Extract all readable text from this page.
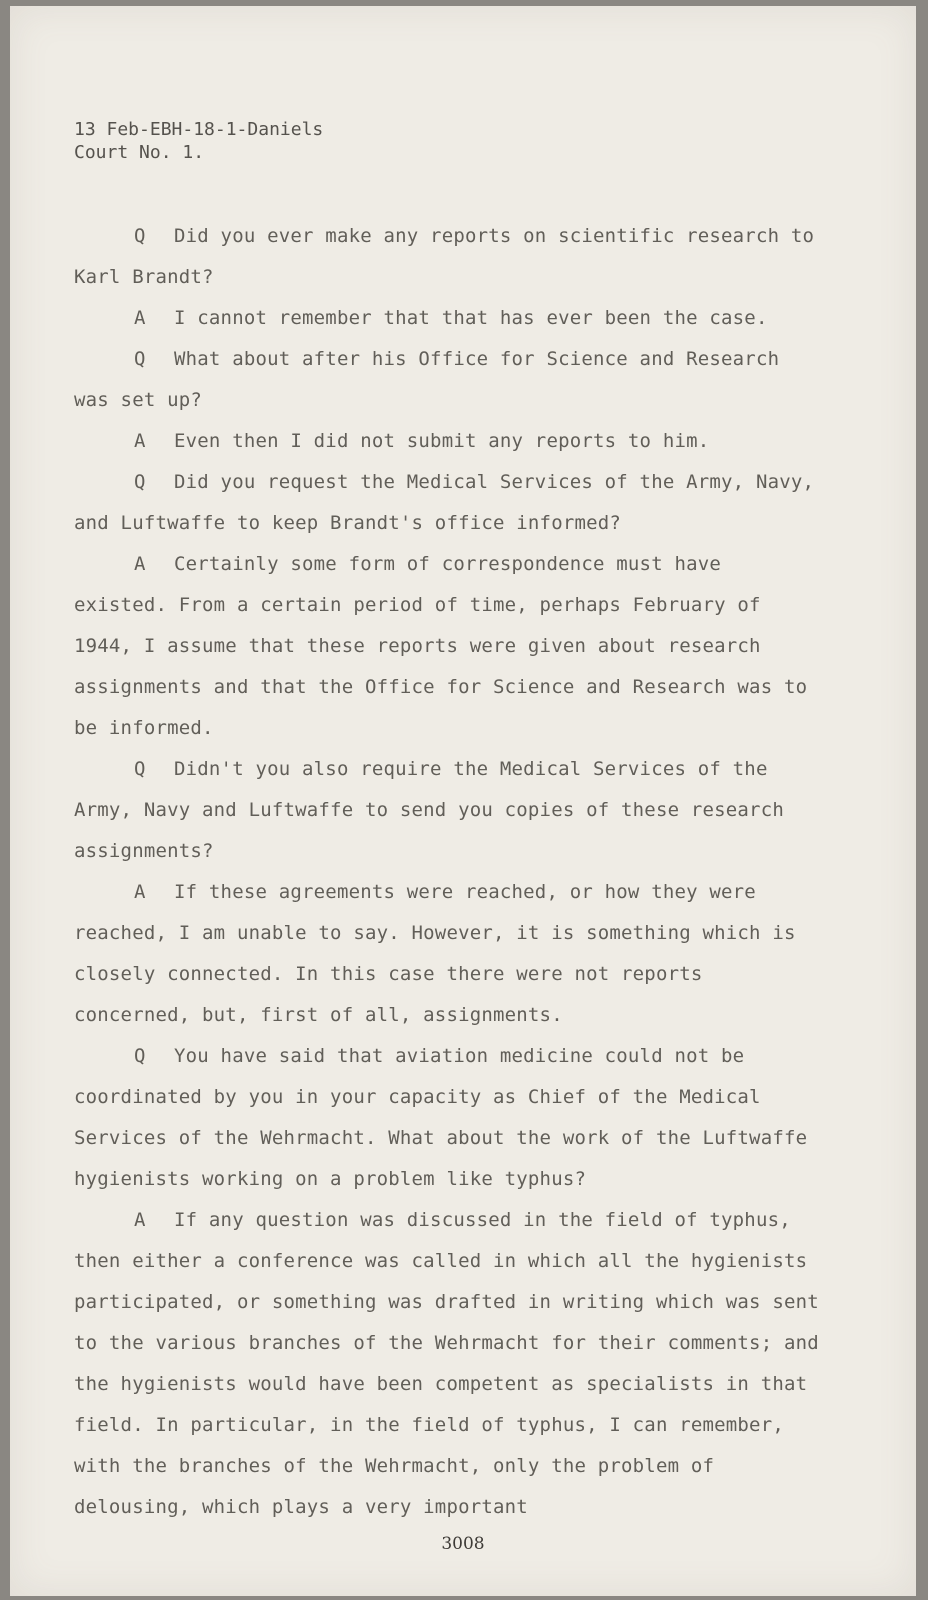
13 Feb-EBH-18-1-Daniels
Court No. 1.

Q Did you ever make any reports on scientific research to Karl Brandt?

A I cannot remember that that has ever been the case.

Q What about after his Office for Science and Research was set up?

A Even then I did not submit any reports to him.

Q Did you request the Medical Services of the Army, Navy, and Luftwaffe to keep Brandt's office informed?

A Certainly some form of correspondence must have existed. From a certain period of time, perhaps February of 1944, I assume that these reports were given about research assignments and that the Office for Science and Research was to be informed.

Q Didn't you also require the Medical Services of the Army, Navy and Luftwaffe to send you copies of these research assignments?

A If these agreements were reached, or how they were reached, I am unable to say. However, it is something which is closely connected. In this case there were not reports concerned, but, first of all, assignments.

Q You have said that aviation medicine could not be coordinated by you in your capacity as Chief of the Medical Services of the Wehrmacht. What about the work of the Luftwaffe hygienists working on a problem like typhus?

A If any question was discussed in the field of typhus, then either a conference was called in which all the hygienists participated, or something was drafted in writing which was sent to the various branches of the Wehrmacht for their comments; and the hygienists would have been competent as specialists in that field. In particular, in the field of typhus, I can remember, with the branches of the Wehrmacht, only the problem of delousing, which plays a very important

3008
